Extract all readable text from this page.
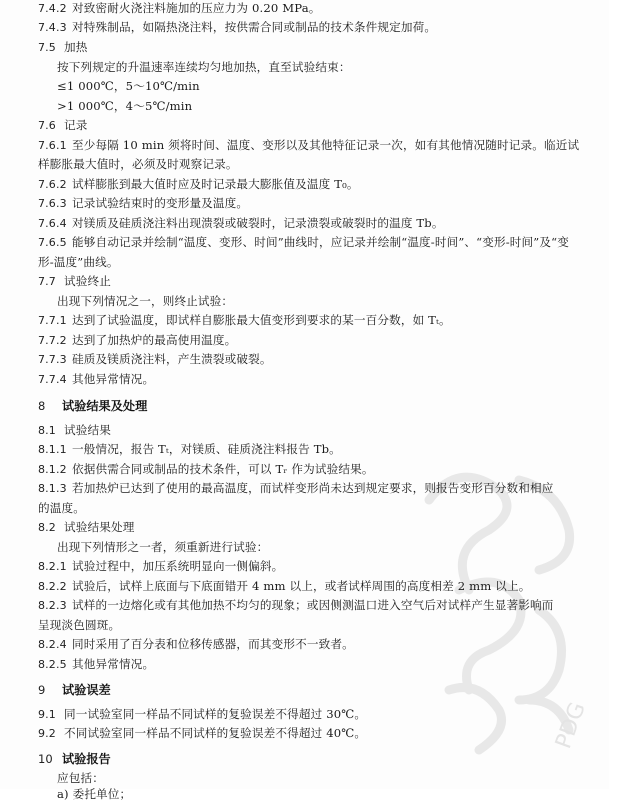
PDG
7.4.2 对致密耐火浇注料施加的压应力为 0.20 MPa。
7.4.3 对特殊制品，如隔热浇注料，按供需合同或制品的技术条件规定加荷。
7.5 加热
按下列规定的升温速率连续均匀地加热，直至试验结束：
≤1 000℃，5～10℃/min
>1 000℃，4～5℃/min
7.6 记录
7.6.1 至少每隔 10 min 须将时间、温度、变形以及其他特征记录一次，如有其他情况随时记录。临近试
样膨胀最大值时，必须及时观察记录。
7.6.2 试样膨胀到最大值时应及时记录最大膨胀值及温度 T₀。
7.6.3 记录试验结束时的变形量及温度。
7.6.4 对镁质及硅质浇注料出现溃裂或破裂时，记录溃裂或破裂时的温度 Tb。
7.6.5 能够自动记录并绘制“温度、变形、时间”曲线时，应记录并绘制“温度-时间”、“变形-时间”及“变
形-温度”曲线。
7.7 试验终止
出现下列情况之一，则终止试验：
7.7.1 达到了试验温度，即试样自膨胀最大值变形到要求的某一百分数，如 Tₜ。
7.7.2 达到了加热炉的最高使用温度。
7.7.3 硅质及镁质浇注料，产生溃裂或破裂。
7.7.4 其他异常情况。
8 试验结果及处理
8.1 试验结果
8.1.1 一般情况，报告 Tₜ，对镁质、硅质浇注料报告 Tb。
8.1.2 依据供需合同或制品的技术条件，可以 Tᵣ 作为试验结果。
8.1.3 若加热炉已达到了使用的最高温度，而试样变形尚未达到规定要求，则报告变形百分数和相应
的温度。
8.2 试验结果处理
出现下列情形之一者，须重新进行试验：
8.2.1 试验过程中，加压系统明显向一侧偏斜。
8.2.2 试验后，试样上底面与下底面错开 4 mm 以上，或者试样周围的高度相差 2 mm 以上。
8.2.3 试样的一边熔化或有其他加热不均匀的现象；或因侧测温口进入空气后对试样产生显著影响而
呈现淡色圆斑。
8.2.4 同时采用了百分表和位移传感器，而其变形不一致者。
8.2.5 其他异常情况。
9 试验误差
9.1 同一试验室同一样品不同试样的复验误差不得超过 30℃。
9.2 不同试验室同一样品不同试样的复验误差不得超过 40℃。
10 试验报告
应包括：
a) 委托单位；
